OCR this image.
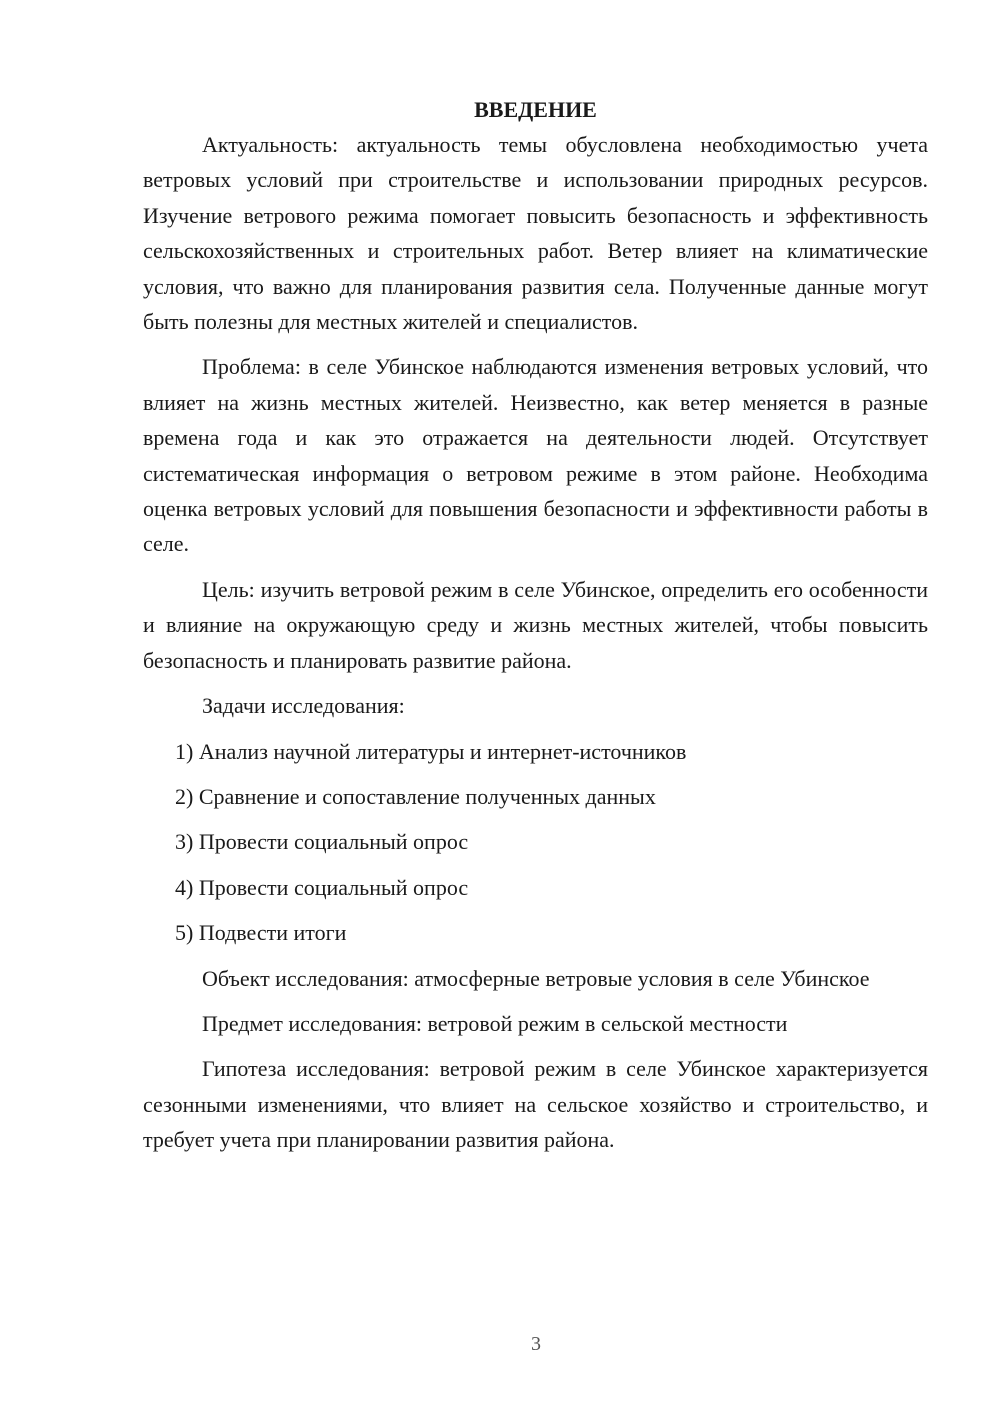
ВВЕДЕНИЕ

Актуальность: актуальность темы обусловлена необходимостью учета ветровых условий при строительстве и использовании природных ресурсов. Изучение ветрового режима помогает повысить безопасность и эффективность сельскохозяйственных и строительных работ. Ветер влияет на климатические условия, что важно для планирования развития села. Полученные данные могут быть полезны для местных жителей и специалистов.

Проблема: в селе Убинское наблюдаются изменения ветровых условий, что влияет на жизнь местных жителей. Неизвестно, как ветер меняется в разные времена года и как это отражается на деятельности людей. Отсутствует систематическая информация о ветровом режиме в этом районе. Необходима оценка ветровых условий для повышения безопасности и эффективности работы в селе.

Цель: изучить ветровой режим в селе Убинское, определить его особенности и влияние на окружающую среду и жизнь местных жителей, чтобы повысить безопасность и планировать развитие района.

Задачи исследования:

1) Анализ научной литературы и интернет-источников
2) Сравнение и сопоставление полученных данных
3) Провести социальный опрос
4) Провести социальный опрос
5) Подвести итоги

Объект исследования: атмосферные ветровые условия в селе Убинское

Предмет исследования: ветровой режим в сельской местности

Гипотеза исследования: ветровой режим в селе Убинское характеризуется сезонными изменениями, что влияет на сельское хозяйство и строительство, и требует учета при планировании развития района.

3
